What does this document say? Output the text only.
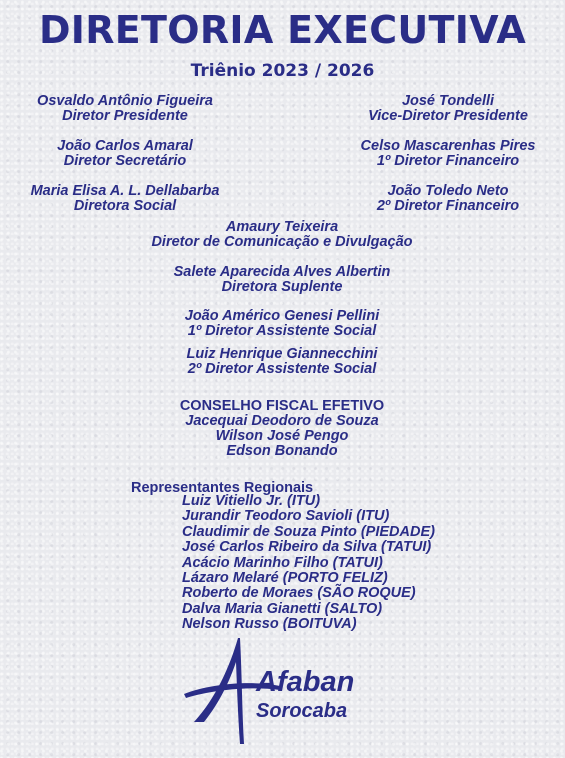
DIRETORIA EXECUTIVA
Triênio 2023 / 2026
Osvaldo Antônio Figueira
Diretor Presidente
João Carlos Amaral
Diretor Secretário
Maria Elisa A. L. Dellabarba
Diretora Social
José Tondelli
Vice-Diretor Presidente
Celso Mascarenhas Pires
1º Diretor Financeiro
João Toledo Neto
2º Diretor Financeiro
Amaury Teixeira
Diretor de Comunicação e Divulgação
Salete Aparecida Alves Albertin
Diretora Suplente
João Américo Genesi Pellini
1º Diretor Assistente Social
Luiz Henrique Giannecchini
2º Diretor Assistente Social
CONSELHO FISCAL EFETIVO
Jacequai Deodoro de Souza
Wilson José Pengo
Edson Bonando
Representantes Regionais
Luiz Vitiello Jr. (ITU)
Jurandir Teodoro Savioli (ITU)
Claudimir de Souza Pinto (PIEDADE)
José Carlos Ribeiro da Silva (TATUI)
Acácio Marinho Filho (TATUI)
Lázaro Melaré (PORTO FELIZ)
Roberto de Moraes (SÃO ROQUE)
Dalva Maria Gianetti (SALTO)
Nelson Russo (BOITUVA)
Afaban
Sorocaba
